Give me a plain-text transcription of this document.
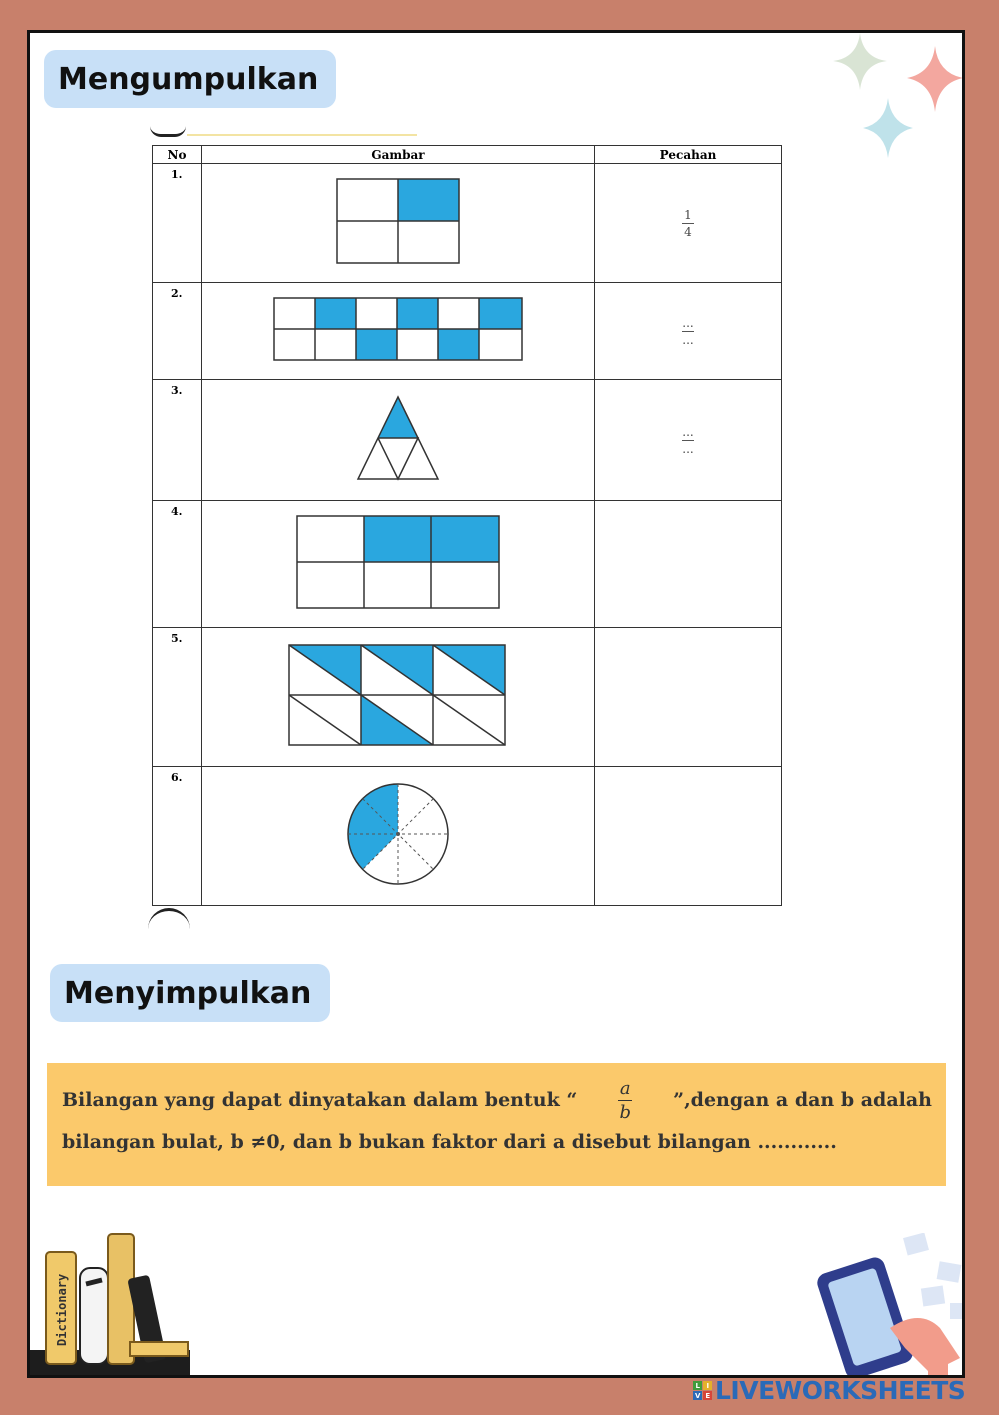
Mengumpulkan
No	Gambar	Pecahan
1.		$\frac{1}{4}$

2.		...
...

3.		...
...

4.		
5.		
6.		
Menyimpulkan
Bilangan yang dapat dinyatakan dalam bentuk “
a
b
”,dengan a dan b adalah
bilangan bulat, b ≠0, dan b bukan faktor dari a disebut bilangan ............
Dictionary
L I
V E LIVEWORKSHEETS
